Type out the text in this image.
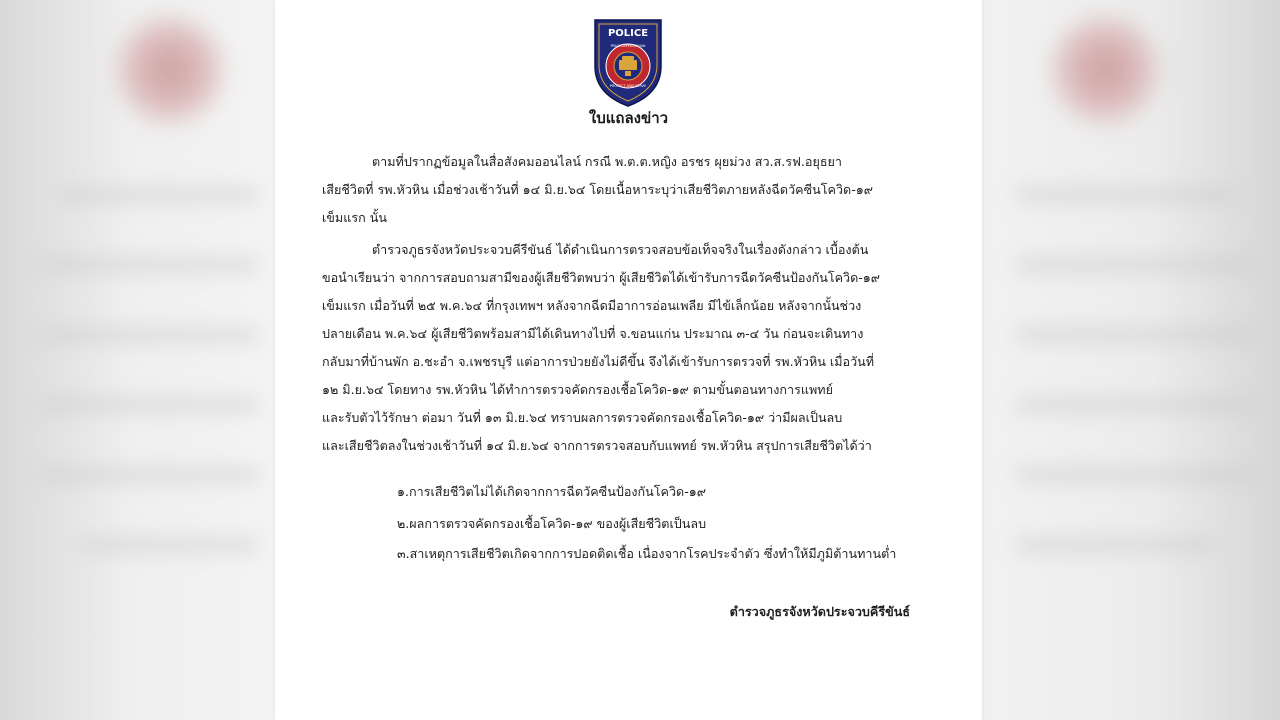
POLICE
PRACHUAPKHIRIKHAN
PROTECT AND SERVE
ใบแถลงข่าว
ตามที่ปรากฏข้อมูลในสื่อสังคมออนไลน์ กรณี พ.ต.ต.หญิง อรชร ผุยม่วง สว.ส.รฟ.อยุธยา
เสียชีวิตที่ รพ.หัวหิน เมื่อช่วงเช้าวันที่ ๑๔ มิ.ย.๖๔ โดยเนื้อหาระบุว่าเสียชีวิตภายหลังฉีดวัคซีนโควิด-๑๙
เข็มแรก นั้น
ตำรวจภูธรจังหวัดประจวบคีรีขันธ์ ได้ดำเนินการตรวจสอบข้อเท็จจริงในเรื่องดังกล่าว เบื้องต้น
ขอนำเรียนว่า จากการสอบถามสามีของผู้เสียชีวิตพบว่า ผู้เสียชีวิตได้เข้ารับการฉีดวัคซีนป้องกันโควิด-๑๙
เข็มแรก เมื่อวันที่ ๒๕ พ.ค.๖๔ ที่กรุงเทพฯ หลังจากฉีดมีอาการอ่อนเพลีย มีไข้เล็กน้อย หลังจากนั้นช่วง
ปลายเดือน พ.ค.๖๔ ผู้เสียชีวิตพร้อมสามีได้เดินทางไปที่ จ.ขอนแก่น ประมาณ ๓-๔ วัน ก่อนจะเดินทาง
กลับมาที่บ้านพัก อ.ชะอำ จ.เพชรบุรี แต่อาการป่วยยังไม่ดีขึ้น จึงได้เข้ารับการตรวจที่ รพ.หัวหิน เมื่อวันที่
๑๒ มิ.ย.๖๔ โดยทาง รพ.หัวหิน ได้ทำการตรวจคัดกรองเชื้อโควิด-๑๙ ตามขั้นตอนทางการแพทย์
และรับตัวไว้รักษา ต่อมา วันที่ ๑๓ มิ.ย.๖๔ ทราบผลการตรวจคัดกรองเชื้อโควิด-๑๙ ว่ามีผลเป็นลบ
และเสียชีวิตลงในช่วงเช้าวันที่ ๑๔ มิ.ย.๖๔ จากการตรวจสอบกับแพทย์ รพ.หัวหิน สรุปการเสียชีวิตได้ว่า

๑.การเสียชีวิตไม่ได้เกิดจากการฉีดวัคซีนป้องกันโควิด-๑๙

๒.ผลการตรวจคัดกรองเชื้อโควิด-๑๙ ของผู้เสียชีวิตเป็นลบ

๓.สาเหตุการเสียชีวิตเกิดจากการปอดติดเชื้อ เนื่องจากโรคประจำตัว ซึ่งทำให้มีภูมิต้านทานต่ำ

ตำรวจภูธรจังหวัดประจวบคีรีขันธ์
